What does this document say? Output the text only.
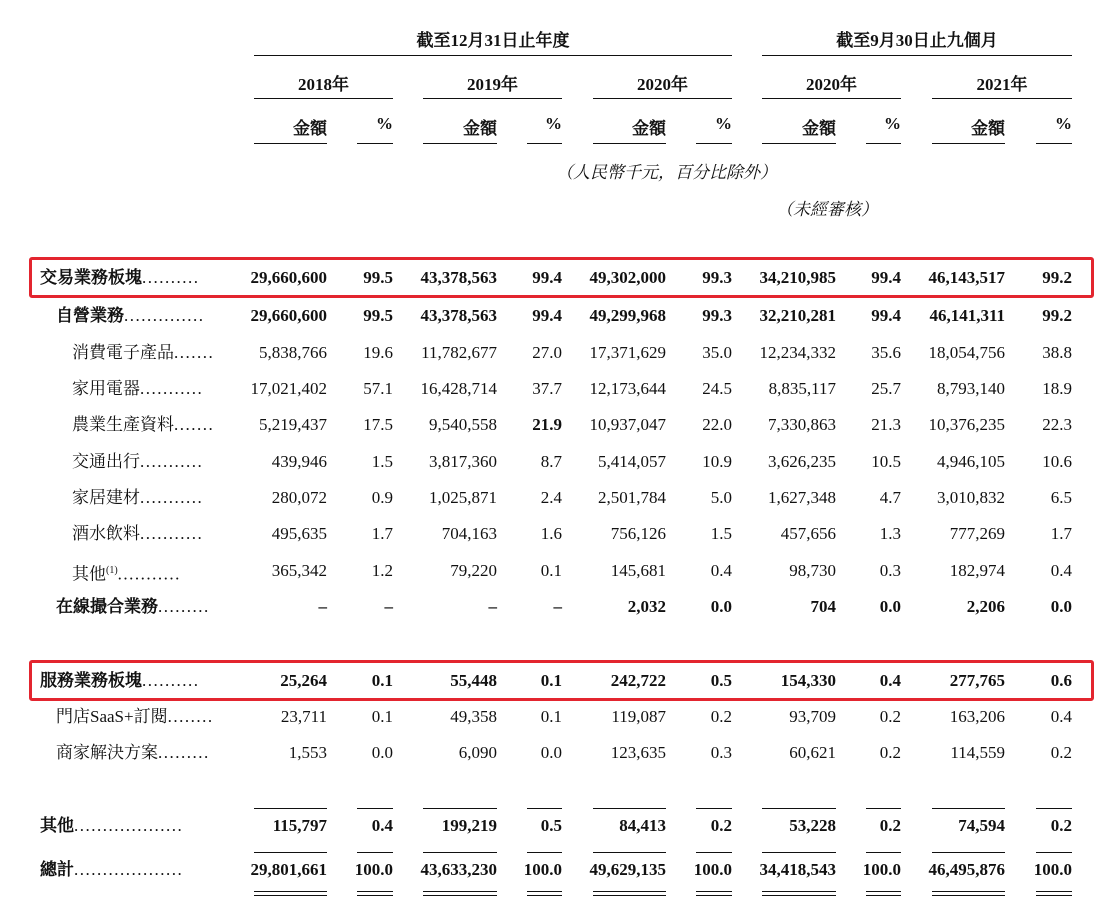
截至12月31日止年度	截至9月30日止九個月
2018年	2019年	2020年	2020年	2021年
金額	%	金額	%	金額	%	金額	%	金額	%
（人民幣千元，百分比除外）
（未經審核）
交易業務板塊..........	29,660,600 99.5 43,378,563 99.4 49,302,000 99.3 34,210,985 99.4 46,143,517 99.2
自營業務..............	29,660,600 99.5 43,378,563 99.4 49,299,968 99.3 32,210,281 99.4 46,141,311 99.2
消費電子產品.......	5,838,766 19.6 11,782,677 27.0 17,371,629 35.0 12,234,332 35.6 18,054,756 38.8
家用電器...........	17,021,402 57.1 16,428,714 37.7 12,173,644 24.5 8,835,117 25.7 8,793,140 18.9
農業生產資料.......	5,219,437 17.5 9,540,558 21.9 10,937,047 22.0 7,330,863 21.3 10,376,235 22.3
交通出行...........	439,946	1.5 3,817,360	8.7 5,414,057 10.9 3,626,235 10.5 4,946,105 10.6
家居建材...........	280,072	0.9 1,025,871	2.4 2,501,784	5.0 1,627,348	4.7 3,010,832	6.5
酒水飲料...........	495,635	1.7	704,163	1.6	756,126	1.5	457,656	1.3	777,269	1.7
其他$^{(1)}$...........	365,342	1.2	79,220	0.1	145,681	0.4	98,730	0.3	182,974	0.4
在線撮合業務.........	–	–	–	–	2,032	0.0	704	0.0	2,206	0.0
服務業務板塊..........	25,264	0.1	55,448	0.1	242,722	0.5	154,330	0.4	277,765	0.6
門店SaaS+訂閱........	23,711	0.1	49,358	0.1	119,087	0.2	93,709	0.2	163,206	0.4
商家解決方案.........	1,553	0.0	6,090	0.0	123,635	0.3	60,621	0.2	114,559	0.2
其他...................	115,797	0.4	199,219	0.5	84,413	0.2	53,228	0.2	74,594	0.2
總計...................	29,801,661 100.0 43,633,230 100.0 49,629,135 100.0 34,418,543 100.0 46,495,876 100.0
